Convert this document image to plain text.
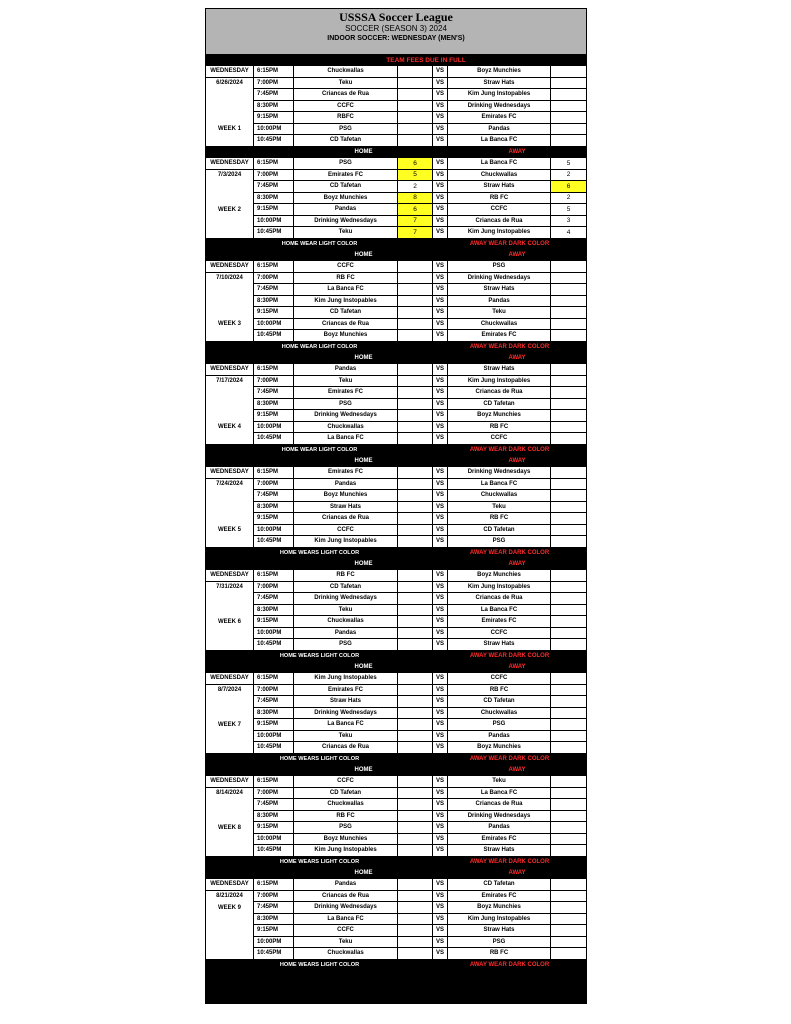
USSSA Soccer League
SOCCER (SEASON 3) 2024
INDOOR SOCCER: WEDNESDAY (MEN'S)
TEAM FEES DUE IN FULL
WEDNESDAY	6:15PM	Chuckwallas	VS	Boyz Munchies
6/26/2024	7:00PM	Teku	VS	Straw Hats
7:45PM	Criancas de Rua	VS	Kim Jung Instopables
8:30PM	CCFC	VS	Drinking Wednesdays
9:15PM	RBFC	VS	Emirates FC
WEEK 1	10:00PM	PSG	VS	Pandas
10:45PM	CD Tafetan	VS	La Banca FC
HOME	AWAY
WEDNESDAY	6:15PM	PSG	6	VS	La Banca FC	5
7/3/2024	7:00PM	Emirates FC	5	VS	Chuckwallas	2
7:45PM	CD Tafetan	2	VS	Straw Hats	6
8:30PM	Boyz Munchies	8	VS	RB FC	2
WEEK 2	9:15PM	Pandas	6	VS	CCFC	5
10:00PM	Drinking Wednesdays	7	VS	Criancas de Rua	3
10:45PM	Teku	7	VS	Kim Jung Instopables	4
HOME WEAR LIGHT COLOR	AWAY WEAR DARK COLOR
HOME	AWAY
WEDNESDAY	6:15PM	CCFC	VS	PSG
7/10/2024	7:00PM	RB FC	VS	Drinking Wednesdays
7:45PM	La Banca FC	VS	Straw Hats
8:30PM	Kim Jung Instopables	VS	Pandas
9:15PM	CD Tafetan	VS	Teku
WEEK 3	10:00PM	Criancas de Rua	VS	Chuckwallas
10:45PM	Boyz Munchies	VS	Emirates FC
HOME WEAR LIGHT COLOR	AWAY WEAR DARK COLOR
HOME	AWAY
WEDNESDAY	6:15PM	Pandas	VS	Straw Hats
7/17/2024	7:00PM	Teku	VS	Kim Jung Instopables
7:45PM	Emirates FC	VS	Criancas de Rua
8:30PM	PSG	VS	CD Tafetan
9:15PM	Drinking Wednesdays	VS	Boyz Munchies
WEEK 4	10:00PM	Chuckwallas	VS	RB FC
10:45PM	La Banca FC	VS	CCFC
HOME WEAR LIGHT COLOR	AWAY WEAR DARK COLOR
HOME	AWAY
WEDNESDAY	6:15PM	Emirates FC	VS	Drinking Wednesdays
7/24/2024	7:00PM	Pandas	VS	La Banca FC
7:45PM	Boyz Munchies	VS	Chuckwallas
8:30PM	Straw Hats	VS	Teku
9:15PM	Criancas de Rua	VS	RB FC
WEEK 5	10:00PM	CCFC	VS	CD Tafetan
10:45PM	Kim Jung Instopables	VS	PSG
HOME WEARS LIGHT COLOR	AWAY WEAR DARK COLOR
HOME	AWAY
WEDNESDAY	6:15PM	RB FC	VS	Boyz Munchies
7/31/2024	7:00PM	CD Tafetan	VS	Kim Jung Instopables
7:45PM	Drinking Wednesdays	VS	Criancas de Rua
8:30PM	Teku	VS	La Banca FC
WEEK 6	9:15PM	Chuckwallas	VS	Emirates FC
10:00PM	Pandas	VS	CCFC
10:45PM	PSG	VS	Straw Hats
HOME WEARS LIGHT COLOR	AWAY WEAR DARK COLOR
HOME	AWAY
WEDNESDAY	6:15PM	Kim Jung Instopables	VS	CCFC
8/7/2024	7:00PM	Emirates FC	VS	RB FC
7:45PM	Straw Hats	VS	CD Tafetan
8:30PM	Drinking Wednesdays	VS	Chuckwallas
WEEK 7	9:15PM	La Banca FC	VS	PSG
10:00PM	Teku	VS	Pandas
10:45PM	Criancas de Rua	VS	Boyz Munchies
HOME WEARS LIGHT COLOR	AWAY WEAR DARK COLOR
HOME	AWAY
WEDNESDAY	6:15PM	CCFC	VS	Teku
8/14/2024	7:00PM	CD Tafetan	VS	La Banca FC
7:45PM	Chuckwallas	VS	Criancas de Rua
8:30PM	RB FC	VS	Drinking Wednesdays
WEEK 8	9:15PM	PSG	VS	Pandas
10:00PM	Boyz Munchies	VS	Emirates FC
10:45PM	Kim Jung Instopables	VS	Straw Hats
HOME WEARS LIGHT COLOR	AWAY WEAR DARK COLOR
HOME	AWAY
WEDNESDAY	6:15PM	Pandas	VS	CD Tafetan
8/21/2024	7:00PM	Criancas de Rua	VS	Emirates FC
WEEK 9	7:45PM	Drinking Wednesdays	VS	Boyz Munchies
8:30PM	La Banca FC	VS	Kim Jung Instopables
9:15PM	CCFC	VS	Straw Hats
10:00PM	Teku	VS	PSG
10:45PM	Chuckwallas	VS	RB FC
HOME WEARS LIGHT COLOR	AWAY WEAR DARK COLOR
